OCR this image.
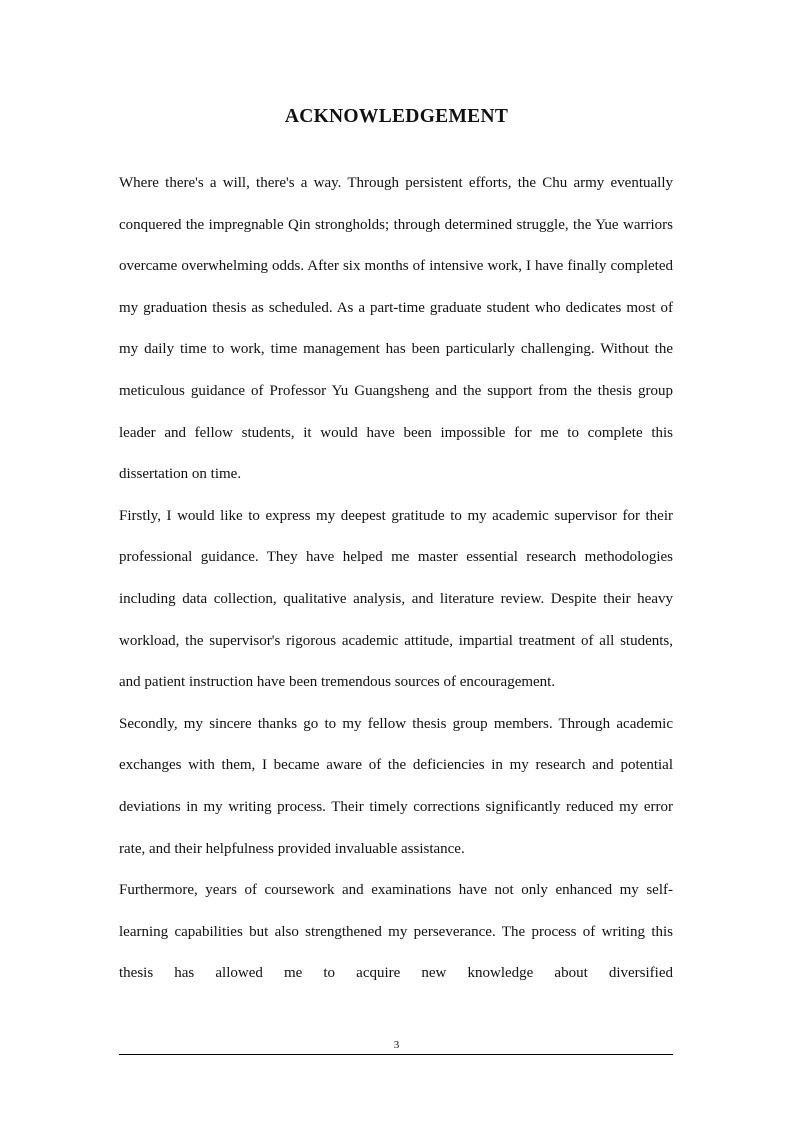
ACKNOWLEDGEMENT

Where there's a will, there's a way. Through persistent efforts, the Chu army eventually conquered the impregnable Qin strongholds; through determined struggle, the Yue warriors overcame overwhelming odds. After six months of intensive work, I have finally completed my graduation thesis as scheduled. As a part-time graduate student who dedicates most of my daily time to work, time management has been particularly challenging. Without the meticulous guidance of Professor Yu Guangsheng and the support from the thesis group leader and fellow students, it would have been impossible for me to complete this dissertation on time.

Firstly, I would like to express my deepest gratitude to my academic supervisor for their professional guidance. They have helped me master essential research methodologies including data collection, qualitative analysis, and literature review. Despite their heavy workload, the supervisor's rigorous academic attitude, impartial treatment of all students, and patient instruction have been tremendous sources of encouragement.

Secondly, my sincere thanks go to my fellow thesis group members. Through academic exchanges with them, I became aware of the deficiencies in my research and potential deviations in my writing process. Their timely corrections significantly reduced my error rate, and their helpfulness provided invaluable assistance.

Furthermore, years of coursework and examinations have not only enhanced my self-learning capabilities but also strengthened my perseverance. The process of writing this thesis has allowed me to acquire new knowledge about diversified

3
